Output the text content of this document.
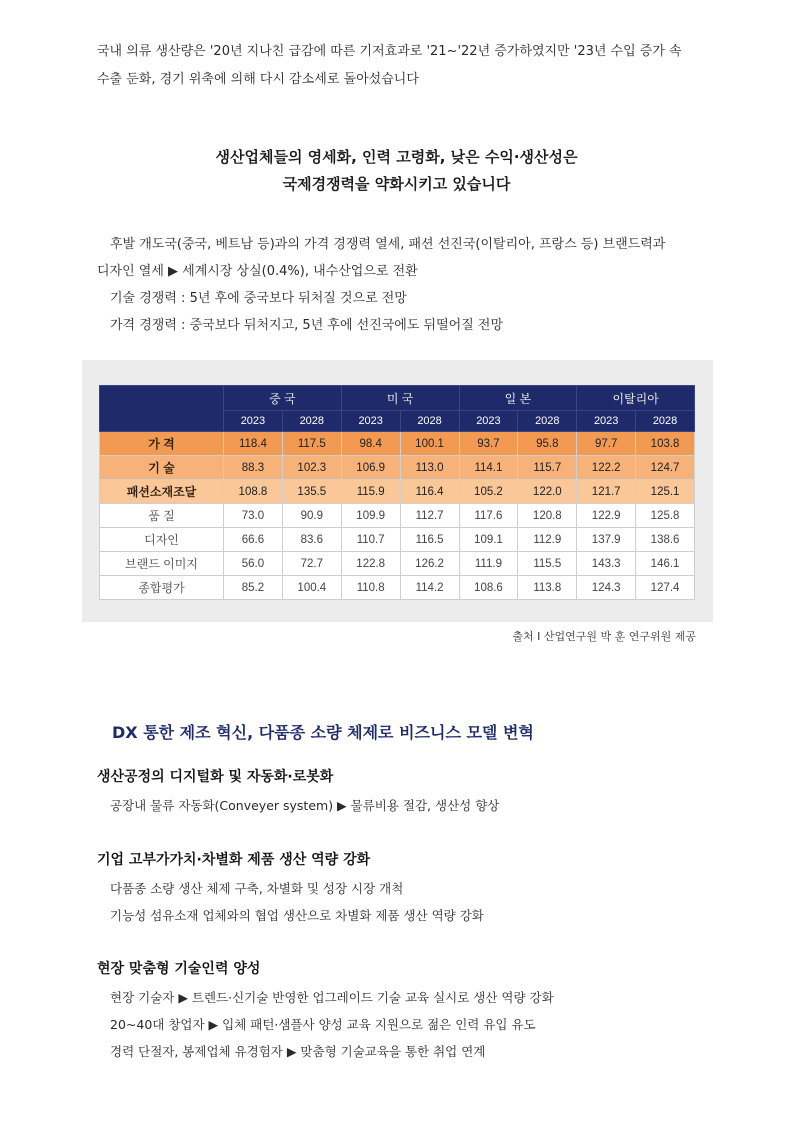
국내 의류 생산량은 '20년 지나친 급감에 따른 기저효과로 '21~'22년 증가하였지만 '23년 수입 증가 속
수출 둔화, 경기 위축에 의해 다시 감소세로 돌아섰습니다
생산업체들의 영세화, 인력 고령화, 낮은 수익·생산성은
국제경쟁력을 약화시키고 있습니다
후발 개도국(중국, 베트남 등)과의 가격 경쟁력 열세, 패션 선진국(이탈리아, 프랑스 등) 브랜드력과
디자인 열세 ▶ 세계시장 상실(0.4%), 내수산업으로 전환
기술 경쟁력 : 5년 후에 중국보다 뒤처질 것으로 전망
가격 경쟁력 : 중국보다 뒤처지고, 5년 후에 선진국에도 뒤떨어질 전망
	중 국		미 국		일 본		이탈리아	
	2023	2028	2023	2028	2023	2028	2023	2028
가 격	118.4	117.5	98.4	100.1	93.7	95.8	97.7	103.8
기 술	88.3	102.3	106.9	113.0	114.1	115.7	122.2	124.7
패션소재조달	108.8	135.5	115.9	116.4	105.2	122.0	121.7	125.1
품 질	73.0	90.9	109.9	112.7	117.6	120.8	122.9	125.8
디자인	66.6	83.6	110.7	116.5	109.1	112.9	137.9	138.6
브랜드 이미지	56.0	72.7	122.8	126.2	111.9	115.5	143.3	146.1
종합평가	85.2	100.4	110.8	114.2	108.6	113.8	124.3	127.4
출처 I 산업연구원 박 훈 연구위원 제공
DX 통한 제조 혁신, 다품종 소량 체제로 비즈니스 모델 변혁
생산공정의 디지털화 및 자동화·로봇화
공장내 물류 자동화(Conveyer system) ▶ 물류비용 절감, 생산성 향상
기업 고부가가치·차별화 제품 생산 역량 강화
다품종 소량 생산 체제 구축, 차별화 및 성장 시장 개척
기능성 섬유소재 업체와의 협업 생산으로 차별화 제품 생산 역량 강화
현장 맞춤형 기술인력 양성
현장 기술자 ▶ 트렌드·신기술 반영한 업그레이드 기술 교육 실시로 생산 역량 강화
20~40대 창업자 ▶ 입체 패턴·샘플사 양성 교육 지원으로 젊은 인력 유입 유도
경력 단절자, 봉제업체 유경험자 ▶ 맞춤형 기술교육을 통한 취업 연계
